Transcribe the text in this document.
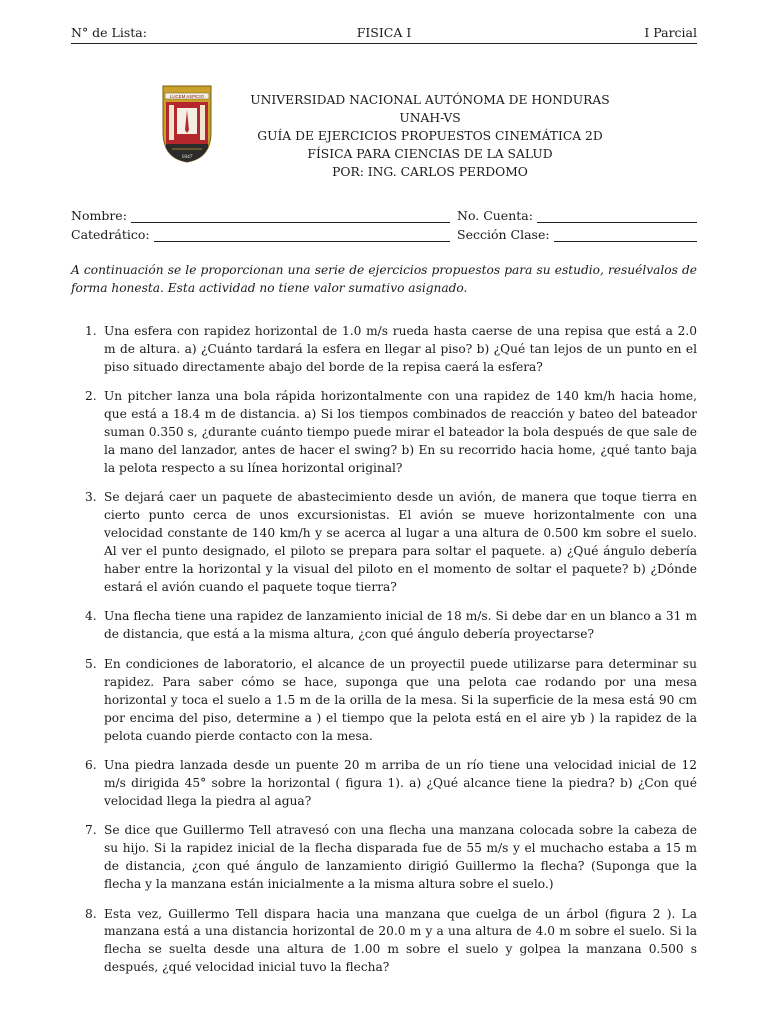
N° de Lista:	FISICA I	I Parcial
LUCEM ASPICIO
1847
UNIVERSIDAD NACIONAL AUTÓNOMA DE HONDURAS
UNAH-VS
GUÍA DE EJERCICIOS PROPUESTOS CINEMÁTICA 2D
FÍSICA PARA CIENCIAS DE LA SALUD
POR: ING. CARLOS PERDOMO
Nombre:	No. Cuenta:
Catedrático:	Sección Clase:
A continuación se le proporcionan una serie de ejercicios propuestos para su estudio, resuélvalos de forma honesta. Esta actividad no tiene valor sumativo asignado.
1. Una esfera con rapidez horizontal de 1.0 m/s rueda hasta caerse de una repisa que está a 2.0 m de altura. a) ¿Cuánto tardará la esfera en llegar al piso? b) ¿Qué tan lejos de un punto en el piso situado directamente abajo del borde de la repisa caerá la esfera?
2. Un pitcher lanza una bola rápida horizontalmente con una rapidez de 140 km/h hacia home, que está a 18.4 m de distancia. a) Si los tiempos combinados de reacción y bateo del bateador suman 0.350 s, ¿durante cuánto tiempo puede mirar el bateador la bola después de que sale de la mano del lanzador, antes de hacer el swing? b) En su recorrido hacia home, ¿qué tanto baja la pelota respecto a su línea horizontal original?
3. Se dejará caer un paquete de abastecimiento desde un avión, de manera que toque tierra en cierto punto cerca de unos excursionistas. El avión se mueve horizontalmente con una velocidad constante de 140 km/h y se acerca al lugar a una altura de 0.500 km sobre el suelo. Al ver el punto designado, el piloto se prepara para soltar el paquete. a) ¿Qué ángulo debería haber entre la horizontal y la visual del piloto en el momento de soltar el paquete? b) ¿Dónde estará el avión cuando el paquete toque tierra?
4. Una flecha tiene una rapidez de lanzamiento inicial de 18 m/s. Si debe dar en un blanco a 31 m de distancia, que está a la misma altura, ¿con qué ángulo debería proyectarse?
5. En condiciones de laboratorio, el alcance de un proyectil puede utilizarse para determinar su rapidez. Para saber cómo se hace, suponga que una pelota cae rodando por una mesa horizontal y toca el suelo a 1.5 m de la orilla de la mesa. Si la superficie de la mesa está 90 cm por encima del piso, determine a ) el tiempo que la pelota está en el aire yb ) la rapidez de la pelota cuando pierde contacto con la mesa.
6. Una piedra lanzada desde un puente 20 m arriba de un río tiene una velocidad inicial de 12 m/s dirigida 45° sobre la horizontal ( figura 1). a) ¿Qué alcance tiene la piedra? b) ¿Con qué velocidad llega la piedra al agua?
7. Se dice que Guillermo Tell atravesó con una flecha una manzana colocada sobre la cabeza de su hijo. Si la rapidez inicial de la flecha disparada fue de 55 m/s y el muchacho estaba a 15 m de distancia, ¿con qué ángulo de lanzamiento dirigió Guillermo la flecha? (Suponga que la flecha y la manzana están inicialmente a la misma altura sobre el suelo.)
8. Esta vez, Guillermo Tell dispara hacia una manzana que cuelga de un árbol (figura 2 ). La manzana está a una distancia horizontal de 20.0 m y a una altura de 4.0 m sobre el suelo. Si la flecha se suelta desde una altura de 1.00 m sobre el suelo y golpea la manzana 0.500 s después, ¿qué velocidad inicial tuvo la flecha?
